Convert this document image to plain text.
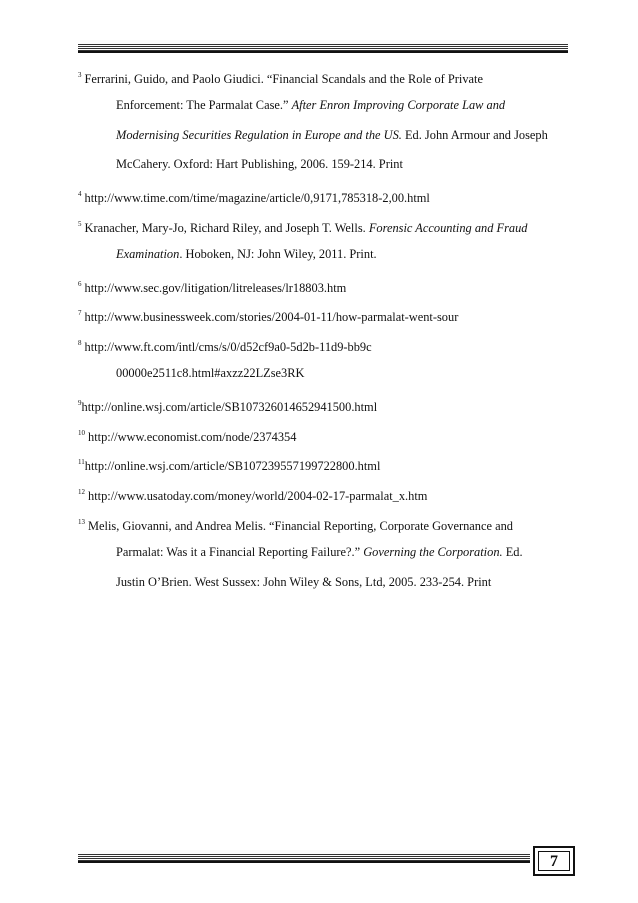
$^3$ Ferrarini, Guido, and Paolo Giudici. “Financial Scandals and the Role of Private
Enforcement: The Parmalat Case.” After Enron Improving Corporate Law and
Modernising Securities Regulation in Europe and the US. Ed. John Armour and Joseph
McCahery. Oxford: Hart Publishing, 2006. 159-214. Print
$^4$ http://www.time.com/time/magazine/article/0,9171,785318-2,00.html
$^5$ Kranacher, Mary-Jo, Richard Riley, and Joseph T. Wells. Forensic Accounting and Fraud
Examination. Hoboken, NJ: John Wiley, 2011. Print.
$^6$ http://www.sec.gov/litigation/litreleases/lr18803.htm
$^7$ http://www.businessweek.com/stories/2004-01-11/how-parmalat-went-sour
$^8$ http://www.ft.com/intl/cms/s/0/d52cf9a0-5d2b-11d9-bb9c
00000e2511c8.html#axzz22LZse3RK
$^9$http://online.wsj.com/article/SB107326014652941500.html
$^{10}$ http://www.economist.com/node/2374354
$^{11}$http://online.wsj.com/article/SB107239557199722800.html
$^{12}$ http://www.usatoday.com/money/world/2004-02-17-parmalat_x.htm
$^{13}$ Melis, Giovanni, and Andrea Melis. “Financial Reporting, Corporate Governance and
Parmalat: Was it a Financial Reporting Failure?.” Governing the Corporation. Ed.
Justin O’Brien. West Sussex: John Wiley & Sons, Ltd, 2005. 233-254. Print
7
